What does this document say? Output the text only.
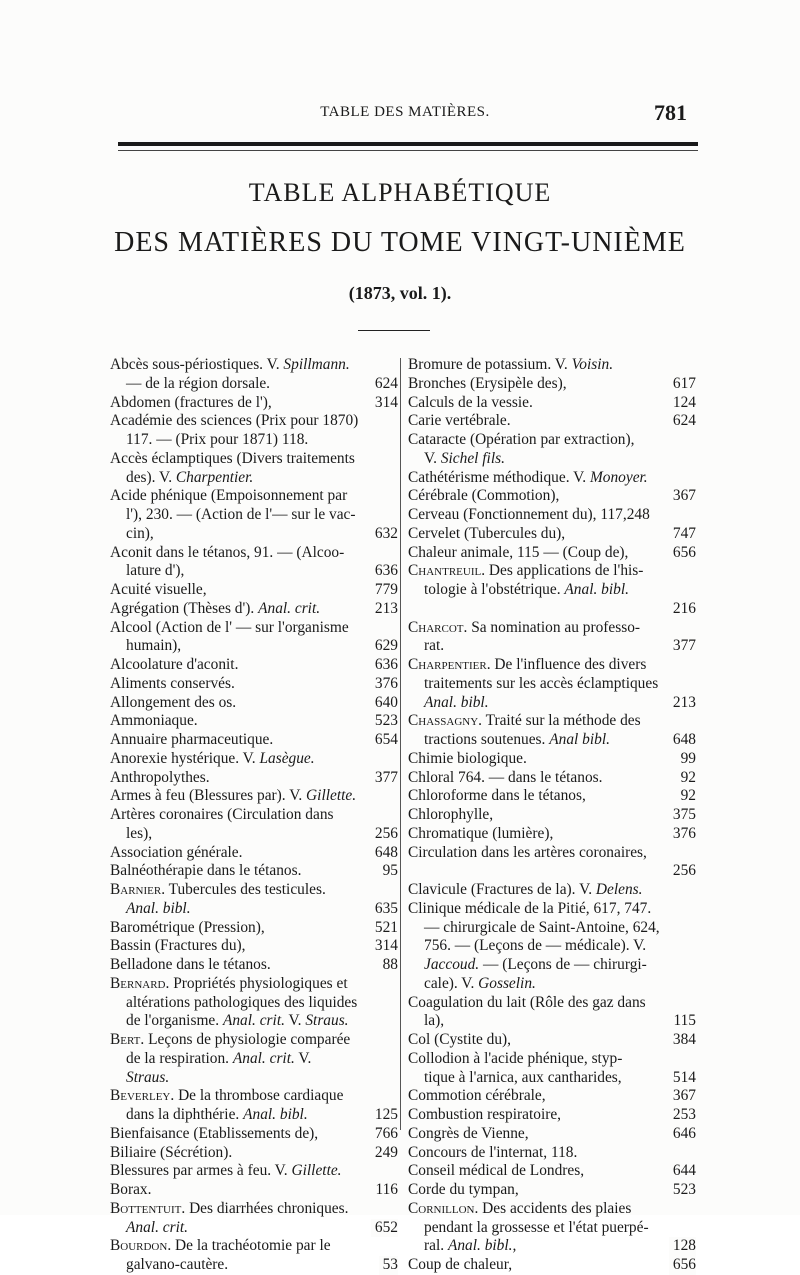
TABLE DES MATIÈRES.	781
TABLE ALPHABÉTIQUE
DES MATIÈRES DU TOME VINGT-UNIÈME
(1873, vol. 1).
Abcès sous-périostiques. V. Spillmann.
— de la région dorsale.	624
Abdomen (fractures de l'),	314
Académie des sciences (Prix pour 1870)
117. — (Prix pour 1871) 118.
Accès éclamptiques (Divers traitements
des). V. Charpentier.
Acide phénique (Empoisonnement par
l'), 230. — (Action de l'— sur le vac-
cin),	632
Aconit dans le tétanos, 91. — (Alcoo-
lature d'),	636
Acuité visuelle,	779
Agrégation (Thèses d'). Anal. crit.	213
Alcool (Action de l' — sur l'organisme
humain),	629
Alcoolature d'aconit.	636
Aliments conservés.	376
Allongement des os.	640
Ammoniaque.	523
Annuaire pharmaceutique.	654
Anorexie hystérique. V. Lasègue.
Anthropolythes.	377
Armes à feu (Blessures par). V. Gillette.
Artères coronaires (Circulation dans
les),	256
Association générale.	648
Balnéothérapie dans le tétanos.	95
Barnier. Tubercules des testicules.
Anal. bibl.	635
Barométrique (Pression),	521
Bassin (Fractures du),	314
Belladone dans le tétanos.	88
Bernard. Propriétés physiologiques et
altérations pathologiques des liquides
de l'organisme. Anal. crit. V. Straus.
Bert. Leçons de physiologie comparée
de la respiration. Anal. crit. V.
Straus.
Beverley. De la thrombose cardiaque
dans la diphthérie. Anal. bibl.	125
Bienfaisance (Etablissements de),	766
Biliaire (Sécrétion).	249
Blessures par armes à feu. V. Gillette.
Borax.	116
Bottentuit. Des diarrhées chroniques.
Anal. crit.	652
Bourdon. De la trachéotomie par le
galvano-cautère.	53
Bromure de potassium. V. Voisin.
Bronches (Erysipèle des),	617
Calculs de la vessie.	124
Carie vertébrale.	624
Cataracte (Opération par extraction),
V. Sichel fils.
Cathétérisme méthodique. V. Monoyer.
Cérébrale (Commotion),	367
Cerveau (Fonctionnement du), 117,248
Cervelet (Tubercules du),	747
Chaleur animale, 115 — (Coup de),	656
Chantreuil. Des applications de l'his-
tologie à l'obstétrique. Anal. bibl.
216
Charcot. Sa nomination au professo-
rat.	377
Charpentier. De l'influence des divers
traitements sur les accès éclamptiques
Anal. bibl.	213
Chassagny. Traité sur la méthode des
tractions soutenues. Anal bibl.	648
Chimie biologique.	99
Chloral 764. — dans le tétanos.	92
Chloroforme dans le tétanos,	92
Chlorophylle,	375
Chromatique (lumière),	376
Circulation dans les artères coronaires,
256
Clavicule (Fractures de la). V. Delens.
Clinique médicale de la Pitié, 617, 747.
— chirurgicale de Saint-Antoine, 624,
756. — (Leçons de — médicale). V.
Jaccoud. — (Leçons de — chirurgi-
cale). V. Gosselin.
Coagulation du lait (Rôle des gaz dans
la),	115
Col (Cystite du),	384
Collodion à l'acide phénique, styp-
tique à l'arnica, aux cantharides,	514
Commotion cérébrale,	367
Combustion respiratoire,	253
Congrès de Vienne,	646
Concours de l'internat, 118.
Conseil médical de Londres,	644
Corde du tympan,	523
Cornillon. Des accidents des plaies
pendant la grossesse et l'état puerpé-
ral. Anal. bibl.,	128
Coup de chaleur,	656
